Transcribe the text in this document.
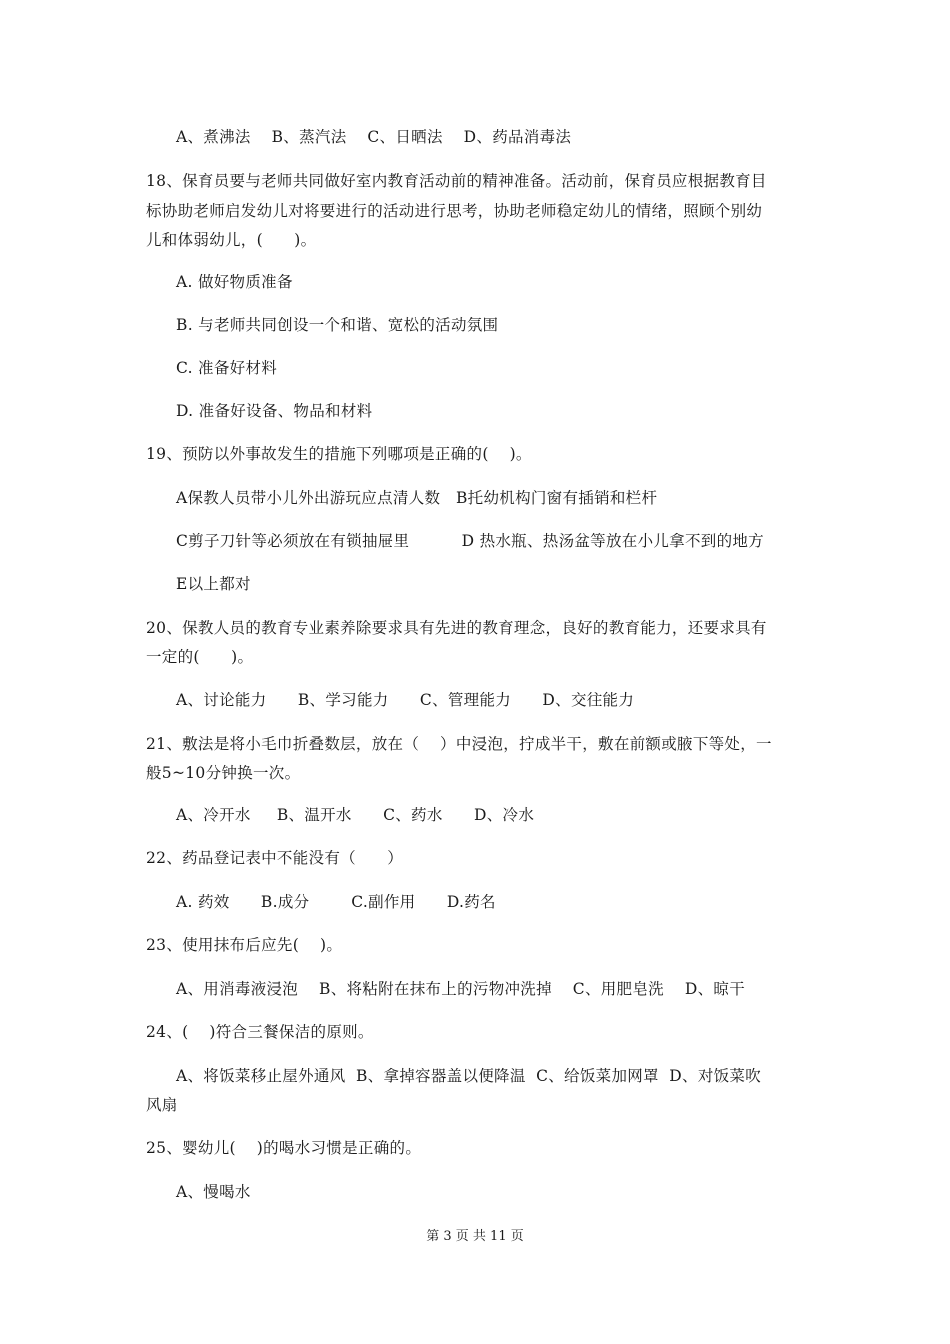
A、煮沸法    B、蒸汽法    C、日晒法    D、药品消毒法
18、保育员要与老师共同做好室内教育活动前的精神准备。活动前，保育员应根据教育目
标协助老师启发幼儿对将要进行的活动进行思考，协助老师稳定幼儿的情绪，照顾个别幼
儿和体弱幼儿，(      )。
A. 做好物质准备
B. 与老师共同创设一个和谐、宽松的活动氛围
C. 准备好材料
D. 准备好设备、物品和材料
19、预防以外事故发生的措施下列哪项是正确的(    )。
A保教人员带小儿外出游玩应点清人数   B托幼机构门窗有插销和栏杆
C剪子刀针等必须放在有锁抽屉里          D 热水瓶、热汤盆等放在小儿拿不到的地方
E以上都对
20、保教人员的教育专业素养除要求具有先进的教育理念，良好的教育能力，还要求具有
一定的(      )。
A、讨论能力      B、学习能力      C、管理能力      D、交往能力
21、敷法是将小毛巾折叠数层，放在（    ）中浸泡，拧成半干，敷在前额或腋下等处，一
般5~10分钟换一次。
A、冷开水     B、温开水      C、药水      D、冷水
22、药品登记表中不能没有（      ）
A. 药效      B.成分        C.副作用      D.药名
23、使用抹布后应先(    )。
A、用消毒液浸泡    B、将粘附在抹布上的污物冲洗掉    C、用肥皂洗    D、晾干
24、(    )符合三餐保洁的原则。
A、将饭菜移止屋外通风  B、拿掉容器盖以便降温  C、给饭菜加网罩  D、对饭菜吹
风扇
25、婴幼儿(    )的喝水习惯是正确的。
A、慢喝水
第 3 页 共 11 页
